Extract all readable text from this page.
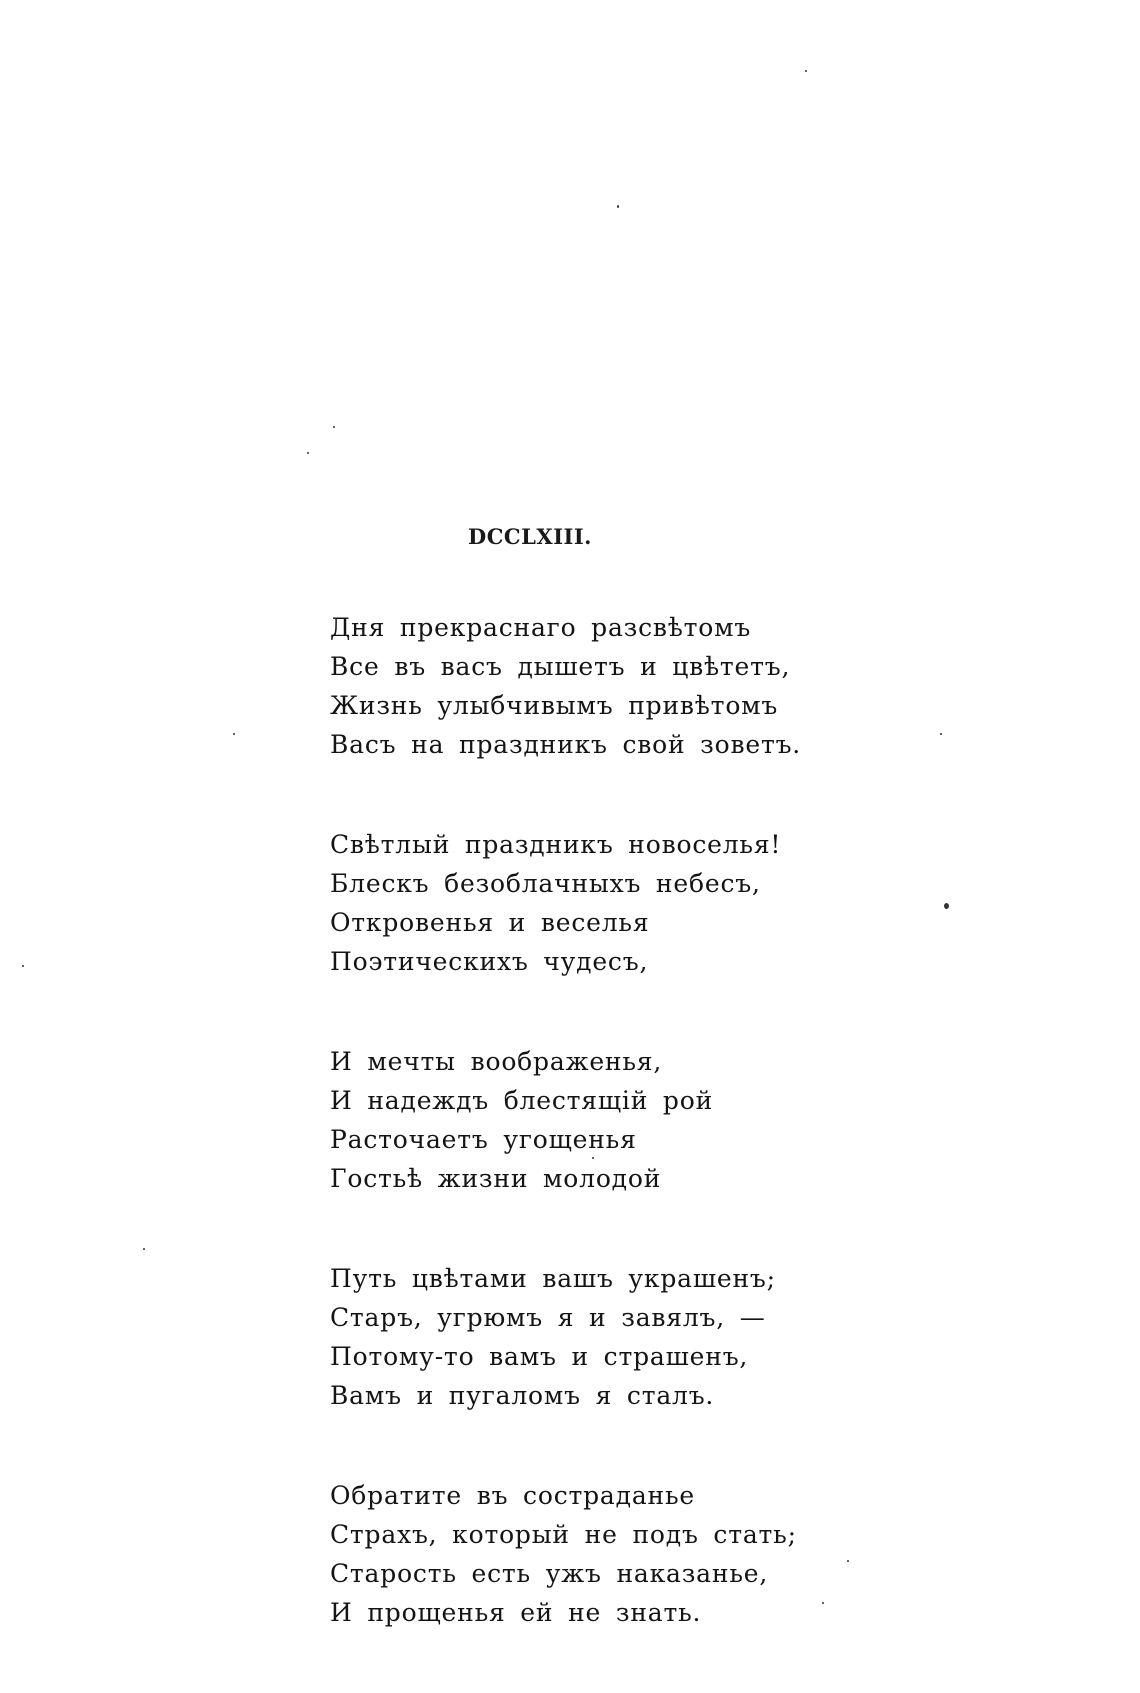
DCCLXIII.
Дня прекраснаго разсвѣтомъ
Все въ васъ дышетъ и цвѣтетъ,
Жизнь улыбчивымъ привѣтомъ
Васъ на праздникъ свой зоветъ.
Свѣтлый праздникъ новоселья!
Блескъ безоблачныхъ небесъ,
Откровенья и веселья
Поэтическихъ чудесъ,
И мечты воображенья,
И надеждъ блестящій рой
Расточаетъ угощенья
Гостьѣ жизни молодой
Путь цвѣтами вашъ украшенъ;
Старъ, угрюмъ я и завялъ, —
Потому-то вамъ и страшенъ,
Вамъ и пугаломъ я сталъ.
Обратите въ состраданье
Страхъ, который не подъ стать;
Старость есть ужъ наказанье,
И прощенья ей не знать.
